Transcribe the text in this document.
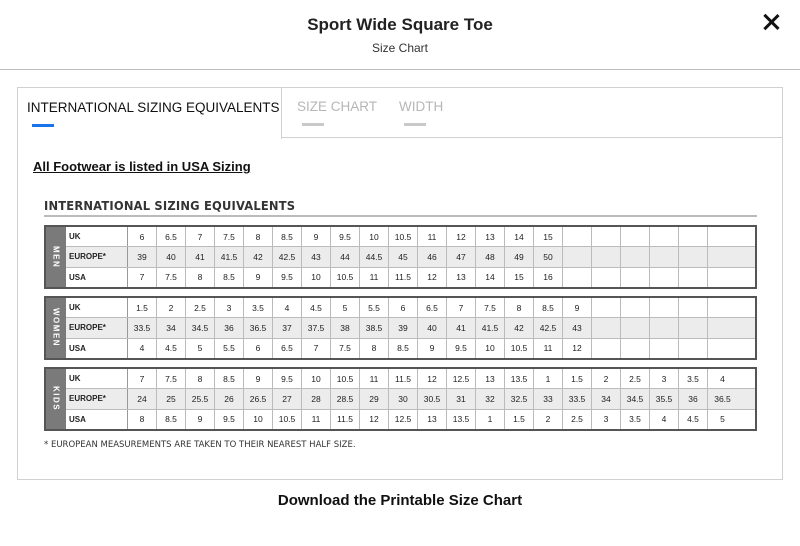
Sport Wide Square Toe
Size Chart
INTERNATIONAL SIZING EQUIVALENTS SIZE CHART WIDTH
All Footwear is listed in USA Sizing
INTERNATIONAL SIZING EQUIVALENTS
MEN
UK	6	6.5	7	7.5	8	8.5	9	9.5	10	10.5	11	12	13	14	15
EUROPE*	39	40	41	41.5	42	42.5	43	44	44.5	45	46	47	48	49	50
USA	7	7.5	8	8.5	9	9.5	10	10.5	11	11.5	12	13	14	15	16
WOMEN
UK	1.5	2	2.5	3	3.5	4	4.5	5	5.5	6	6.5	7	7.5	8	8.5	9
EUROPE*	33.5	34	34.5	36	36.5	37	37.5	38	38.5	39	40	41	41.5	42	42.5	43
USA	4	4.5	5	5.5	6	6.5	7	7.5	8	8.5	9	9.5	10	10.5	11	12
KIDS
UK	7	7.5	8	8.5	9	9.5	10	10.5	11	11.5	12	12.5	13	13.5	1	1.5	2	2.5	3	3.5	4
EUROPE*	24	25	25.5	26	26.5	27	28	28.5	29	30	30.5	31	32	32.5	33	33.5	34	34.5	35.5	36	36.5
USA	8	8.5	9	9.5	10	10.5	11	11.5	12	12.5	13	13.5	1	1.5	2	2.5	3	3.5	4	4.5	5
* EUROPEAN MEASUREMENTS ARE TAKEN TO THEIR NEAREST HALF SIZE.
Download the Printable Size Chart
